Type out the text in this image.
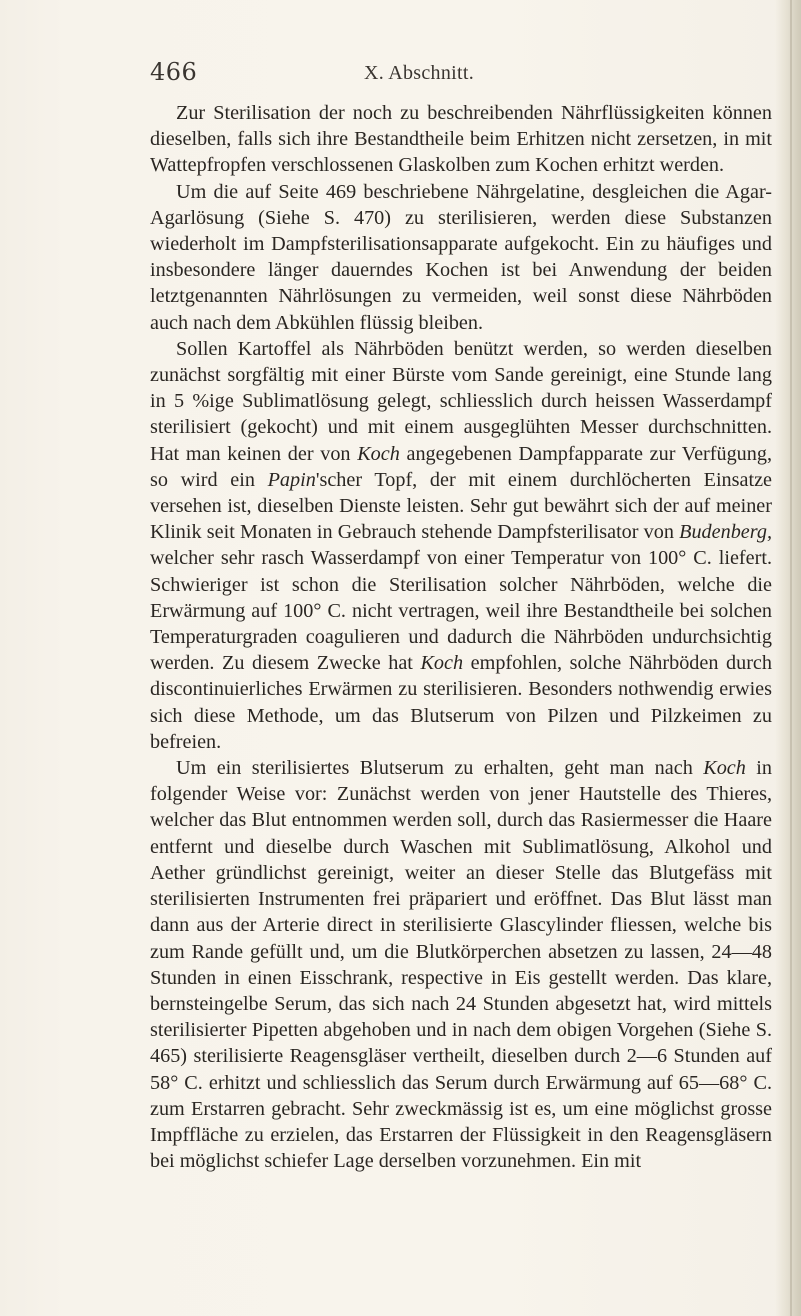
466	X. Abschnitt.

Zur Sterilisation der noch zu beschreibenden Nährflüssigkeiten können dieselben, falls sich ihre Bestandtheile beim Erhitzen nicht zersetzen, in mit Wattepfropfen verschlossenen Glaskolben zum Kochen erhitzt werden.

Um die auf Seite 469 beschriebene Nährgelatine, desgleichen die Agar-Agarlösung (Siehe S. 470) zu sterilisieren, werden diese Substanzen wiederholt im Dampfsterilisationsapparate aufgekocht. Ein zu häufiges und insbesondere länger dauerndes Kochen ist bei Anwendung der beiden letztgenannten Nährlösungen zu vermeiden, weil sonst diese Nährböden auch nach dem Abkühlen flüssig bleiben.

Sollen Kartoffel als Nährböden benützt werden, so werden dieselben zunächst sorgfältig mit einer Bürste vom Sande gereinigt, eine Stunde lang in 5 %ige Sublimatlösung gelegt, schliesslich durch heissen Wasserdampf sterilisiert (gekocht) und mit einem ausgeglühten Messer durchschnitten. Hat man keinen der von Koch angegebenen Dampfapparate zur Verfügung, so wird ein Papin'scher Topf, der mit einem durchlöcherten Einsatze versehen ist, dieselben Dienste leisten. Sehr gut bewährt sich der auf meiner Klinik seit Monaten in Gebrauch stehende Dampfsterilisator von Budenberg, welcher sehr rasch Wasserdampf von einer Temperatur von 100° C. liefert. Schwieriger ist schon die Sterilisation solcher Nährböden, welche die Erwärmung auf 100° C. nicht vertragen, weil ihre Bestandtheile bei solchen Temperaturgraden coagulieren und dadurch die Nährböden undurchsichtig werden. Zu diesem Zwecke hat Koch empfohlen, solche Nährböden durch discontinuierliches Erwärmen zu sterilisieren. Besonders nothwendig erwies sich diese Methode, um das Blutserum von Pilzen und Pilzkeimen zu befreien.

Um ein sterilisiertes Blutserum zu erhalten, geht man nach Koch in folgender Weise vor: Zunächst werden von jener Hautstelle des Thieres, welcher das Blut entnommen werden soll, durch das Rasiermesser die Haare entfernt und dieselbe durch Waschen mit Sublimatlösung, Alkohol und Aether gründlichst gereinigt, weiter an dieser Stelle das Blutgefäss mit sterilisierten Instrumenten frei präpariert und eröffnet. Das Blut lässt man dann aus der Arterie direct in sterilisierte Glascylinder fliessen, welche bis zum Rande gefüllt und, um die Blutkörperchen absetzen zu lassen, 24—48 Stunden in einen Eisschrank, respective in Eis gestellt werden. Das klare, bernsteingelbe Serum, das sich nach 24 Stunden abgesetzt hat, wird mittels sterilisierter Pipetten abgehoben und in nach dem obigen Vorgehen (Siehe S. 465) sterilisierte Reagensgläser vertheilt, dieselben durch 2—6 Stunden auf 58° C. erhitzt und schliesslich das Serum durch Erwärmung auf 65—68° C. zum Erstarren gebracht. Sehr zweckmässig ist es, um eine möglichst grosse Impffläche zu erzielen, das Erstarren der Flüssigkeit in den Reagensgläsern bei möglichst schiefer Lage derselben vorzunehmen. Ein mit
